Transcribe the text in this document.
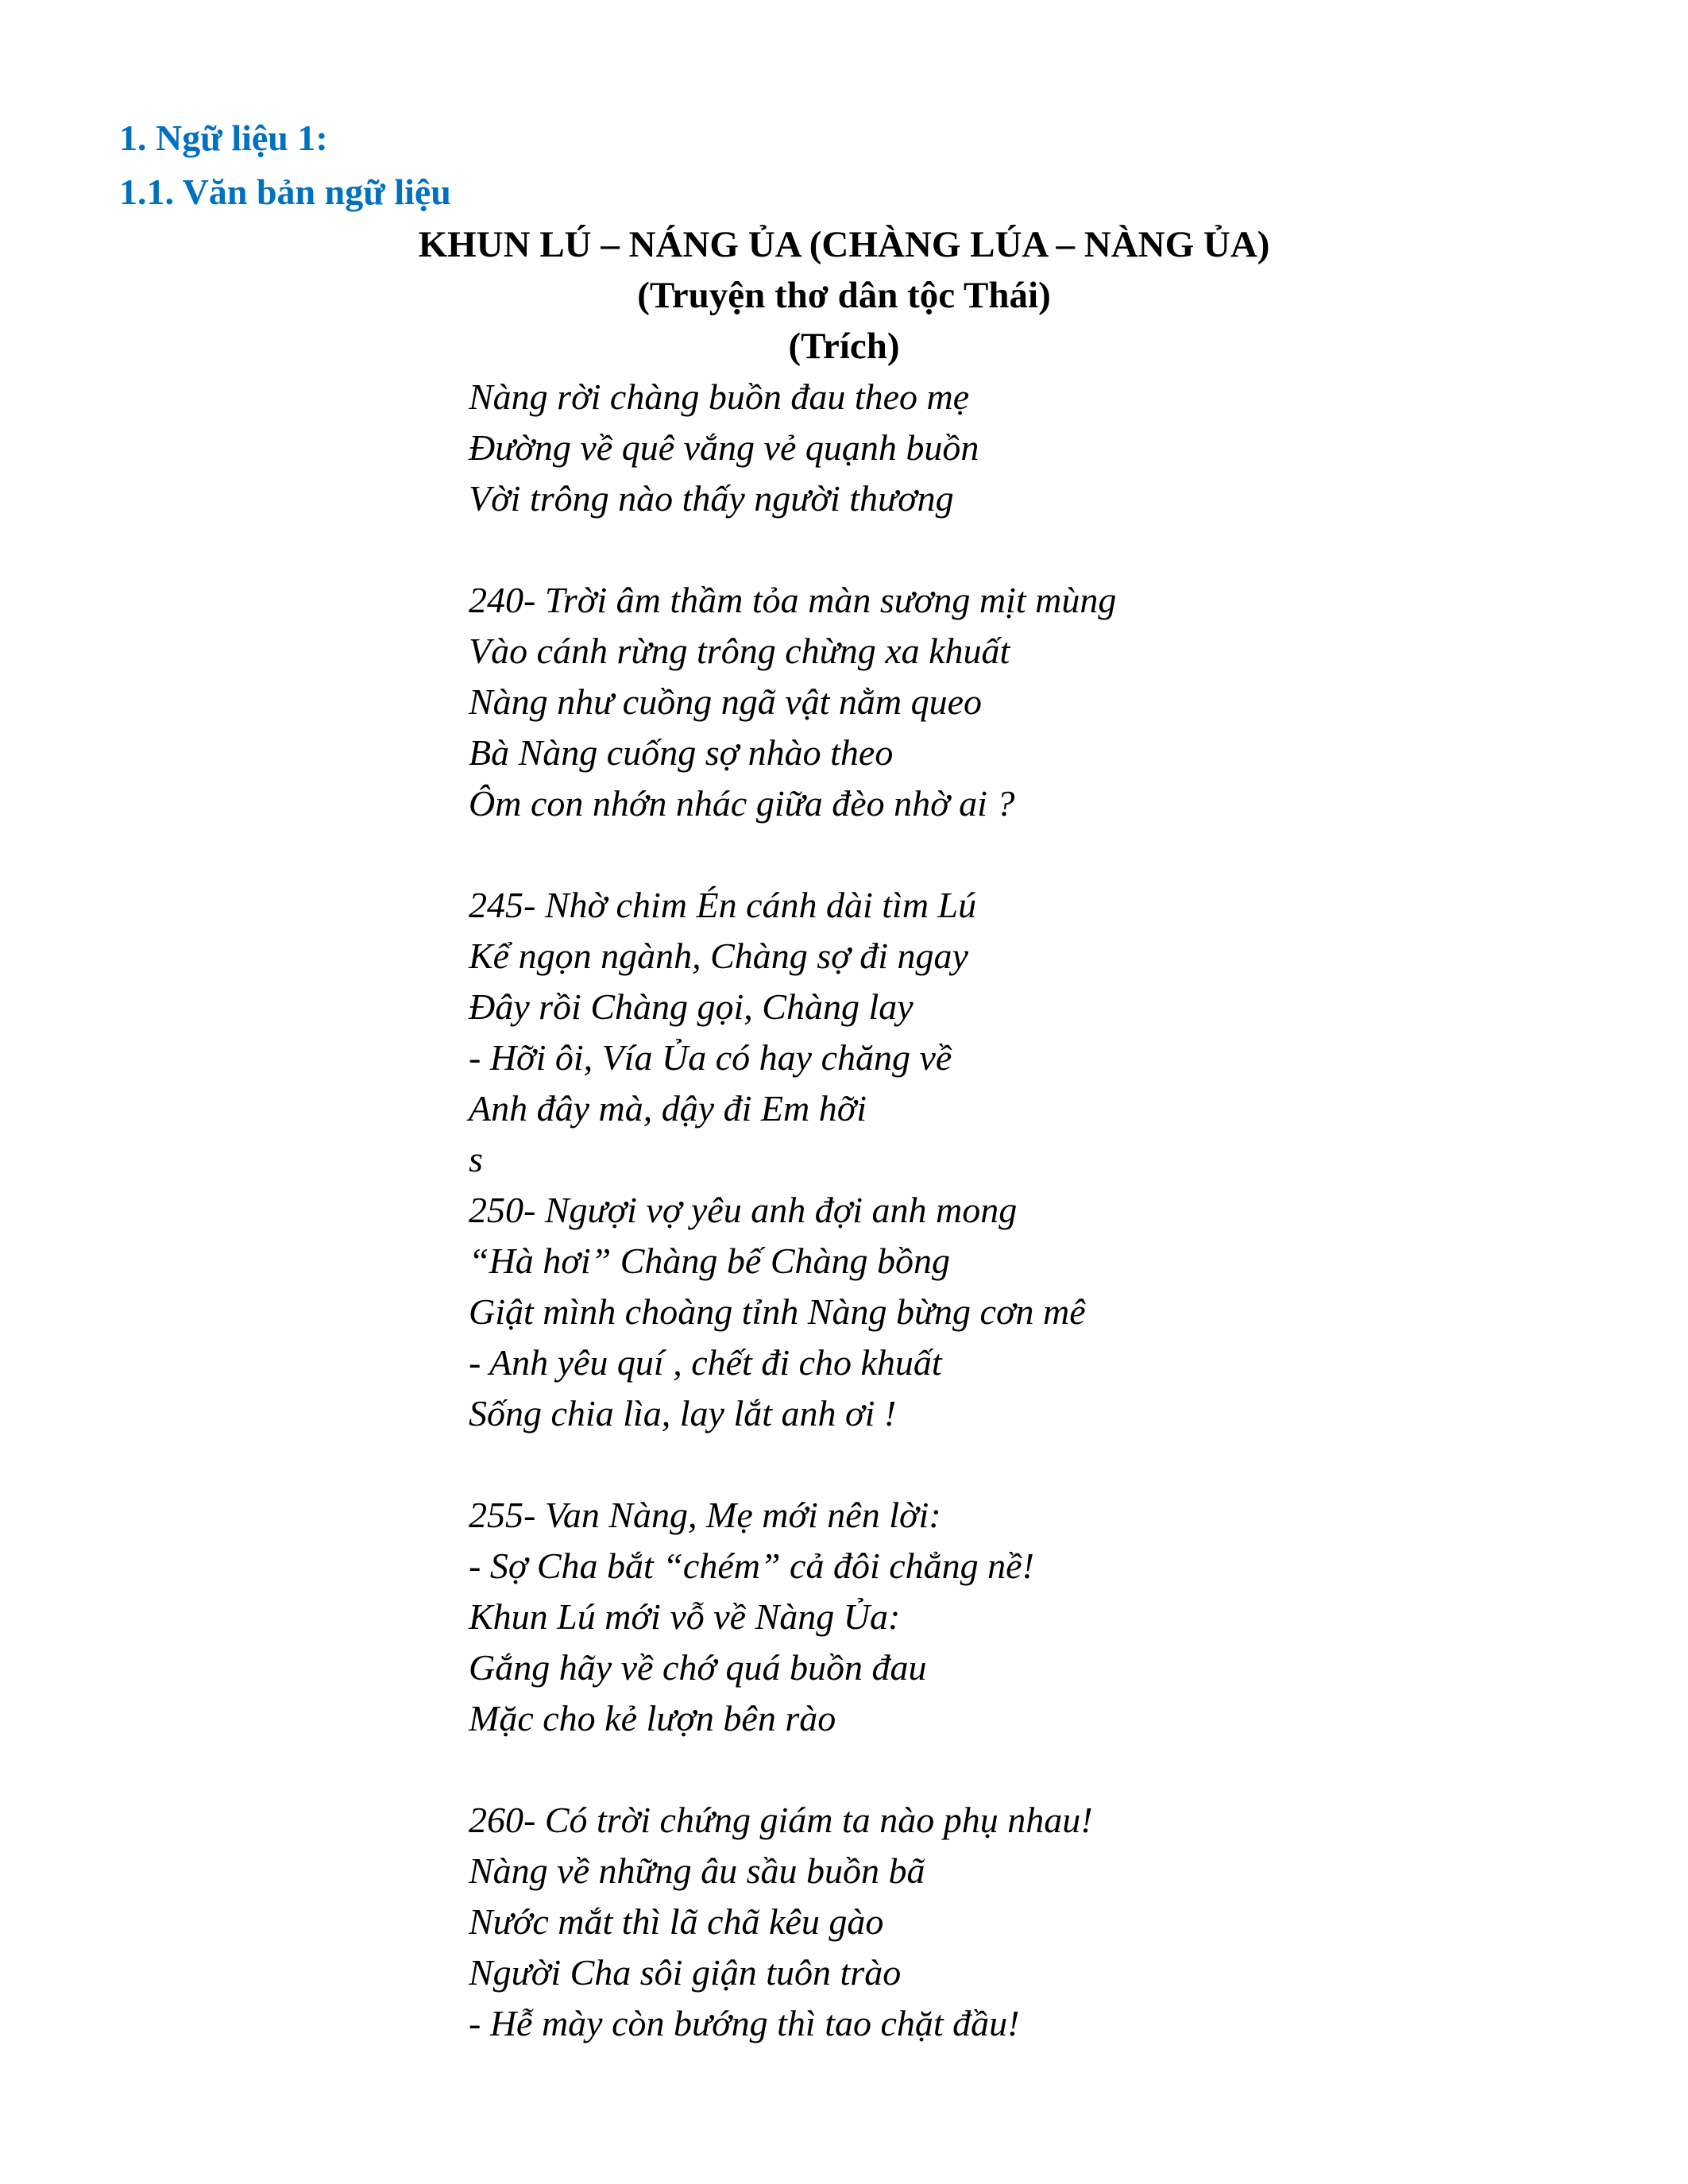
1. Ngữ liệu 1:
1.1. Văn bản ngữ liệu
KHUN LÚ – NÁNG ỦA (CHÀNG LÚA – NÀNG ỦA)
(Truyện thơ dân tộc Thái)
(Trích)
Nàng rời chàng buồn đau theo mẹ
Đường về quê vắng vẻ quạnh buồn
Vời trông nào thấy người thương

240- Trời âm thầm tỏa màn sương mịt mùng
Vào cánh rừng trông chừng xa khuất
Nàng như cuồng ngã vật nằm queo
Bà Nàng cuống sợ nhào theo
Ôm con nhớn nhác giữa đèo nhờ ai ?

245- Nhờ chim Én cánh dài tìm Lú
Kể ngọn ngành, Chàng sợ đi ngay
Đây rồi Chàng gọi, Chàng lay
- Hỡi ôi, Vía Ủa có hay chăng về
Anh đây mà, dậy đi Em hỡi
s
250- Ngượi vợ yêu anh đợi anh mong
“Hà hơi” Chàng bế Chàng bồng
Giật mình choàng tỉnh Nàng bừng cơn mê
- Anh yêu quí , chết đi cho khuất
Sống chia lìa, lay lắt anh ơi !

255- Van Nàng, Mẹ mới nên lời:
- Sợ Cha bắt “chém” cả đôi chẳng nề!
Khun Lú mới vỗ về Nàng Ủa:
Gắng hãy về chớ quá buồn đau
Mặc cho kẻ lượn bên rào

260- Có trời chứng giám ta nào phụ nhau!
Nàng về những âu sầu buồn bã
Nước mắt thì lã chã kêu gào
Người Cha sôi giận tuôn trào
- Hễ mày còn bướng thì tao chặt đầu!
